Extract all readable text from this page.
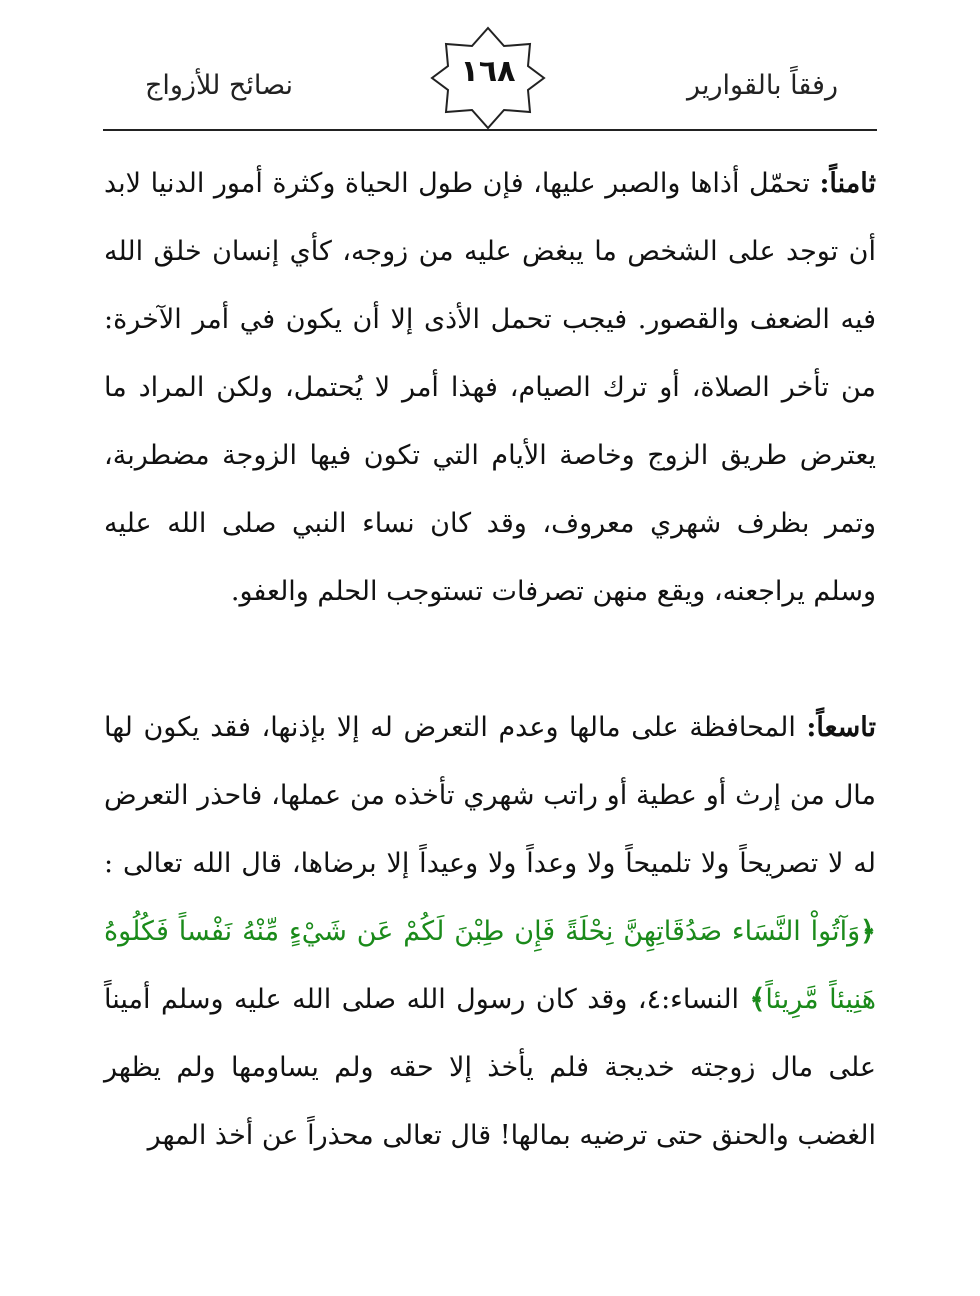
رفقاً بالقوارير
١٦٨
نصائح للأزواج

ثامناً: تحمّل أذاها والصبر عليها، فإن طول الحياة وكثرة أمور الدنيا لابد أن توجد على الشخص ما يبغض عليه من زوجه، كأي إنسان خلق الله فيه الضعف والقصور. فيجب تحمل الأذى إلا أن يكون في أمر الآخرة: من تأخر الصلاة، أو ترك الصيام، فهذا أمر لا يُحتمل، ولكن المراد ما يعترض طريق الزوج وخاصة الأيام التي تكون فيها الزوجة مضطربة، وتمر بظرف شهري معروف، وقد كان نساء النبي صلى الله عليه وسلم يراجعنه، ويقع منهن تصرفات تستوجب الحلم والعفو.

تاسعاً: المحافظة على مالها وعدم التعرض له إلا بإذنها، فقد يكون لها مال من إرث أو عطية أو راتب شهري تأخذه من عملها، فاحذر التعرض له لا تصريحاً ولا تلميحاً ولا وعداً ولا وعيداً إلا برضاها، قال الله تعالى : ﴿وَآتُواْ النَّسَاء صَدُقَاتِهِنَّ نِحْلَةً فَإِن طِبْنَ لَكُمْ عَن شَيْءٍ مِّنْهُ نَفْساً فَكُلُوهُ هَنِيئاً مَّرِيئاً﴾ النساء:٤، وقد كان رسول الله صلى الله عليه وسلم أميناً على مال زوجته خديجة فلم يأخذ إلا حقه ولم يساومها ولم يظهر الغضب والحنق حتى ترضيه بمالها! قال تعالى محذراً عن أخذ المهر
